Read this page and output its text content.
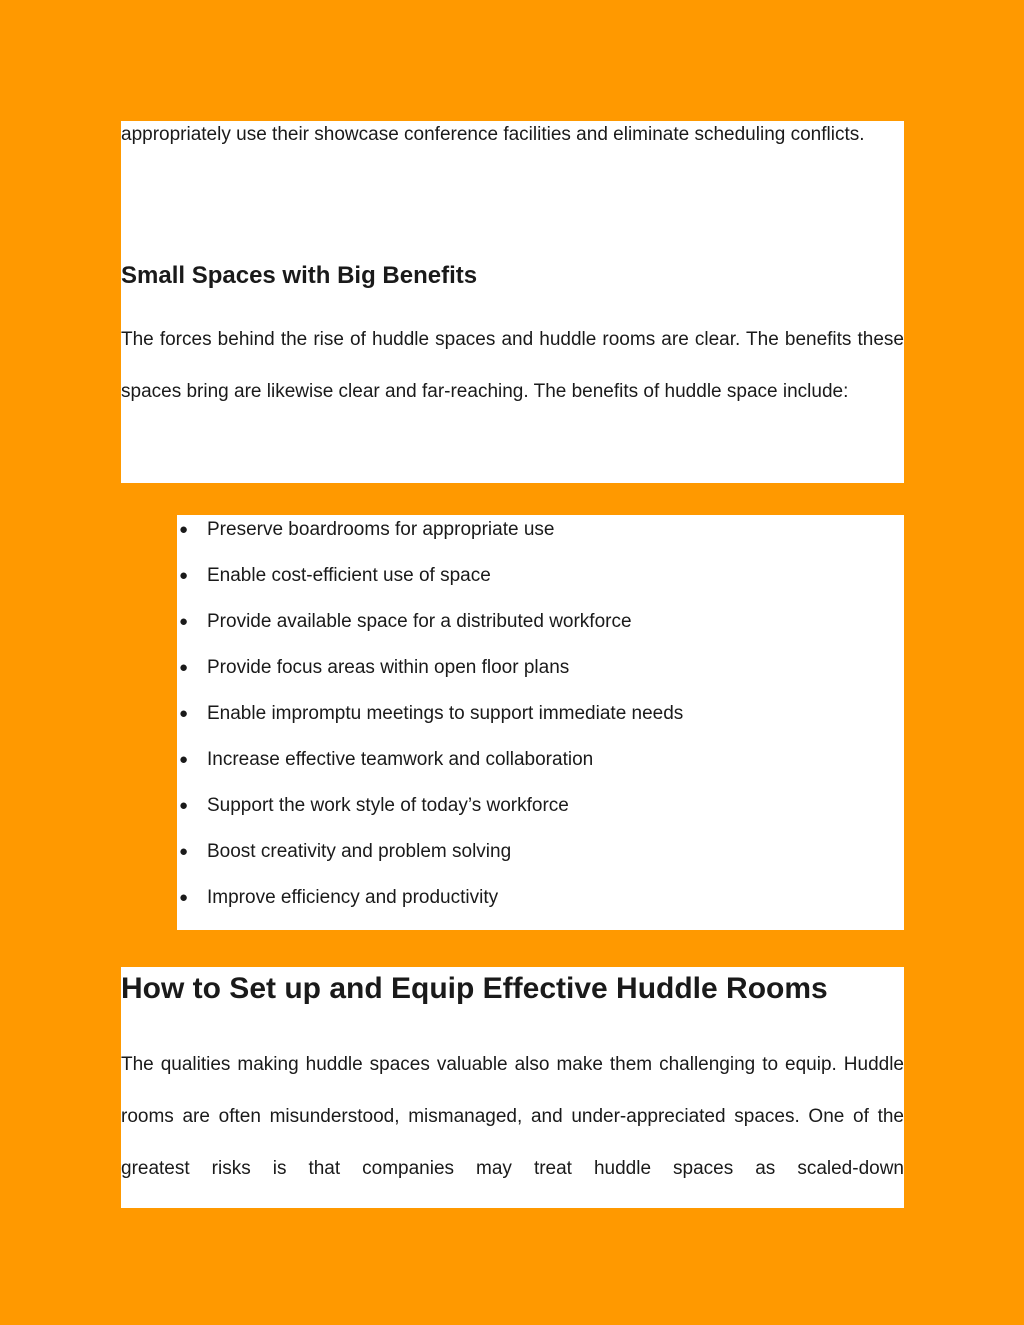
appropriately use their showcase conference facilities and eliminate scheduling conflicts.

Small Spaces with Big Benefits

The forces behind the rise of huddle spaces and huddle rooms are clear. The benefits these spaces bring are likewise clear and far-reaching. The benefits of huddle space include:

● Preserve boardrooms for appropriate use
● Enable cost-efficient use of space
● Provide available space for a distributed workforce
● Provide focus areas within open floor plans
● Enable impromptu meetings to support immediate needs
● Increase effective teamwork and collaboration
● Support the work style of today’s workforce
● Boost creativity and problem solving
● Improve efficiency and productivity
How to Set up and Equip Effective Huddle Rooms

The qualities making huddle spaces valuable also make them challenging to equip. Huddle rooms are often misunderstood, mismanaged, and under-appreciated spaces. One of the greatest risks is that companies may treat huddle spaces as scaled-down
